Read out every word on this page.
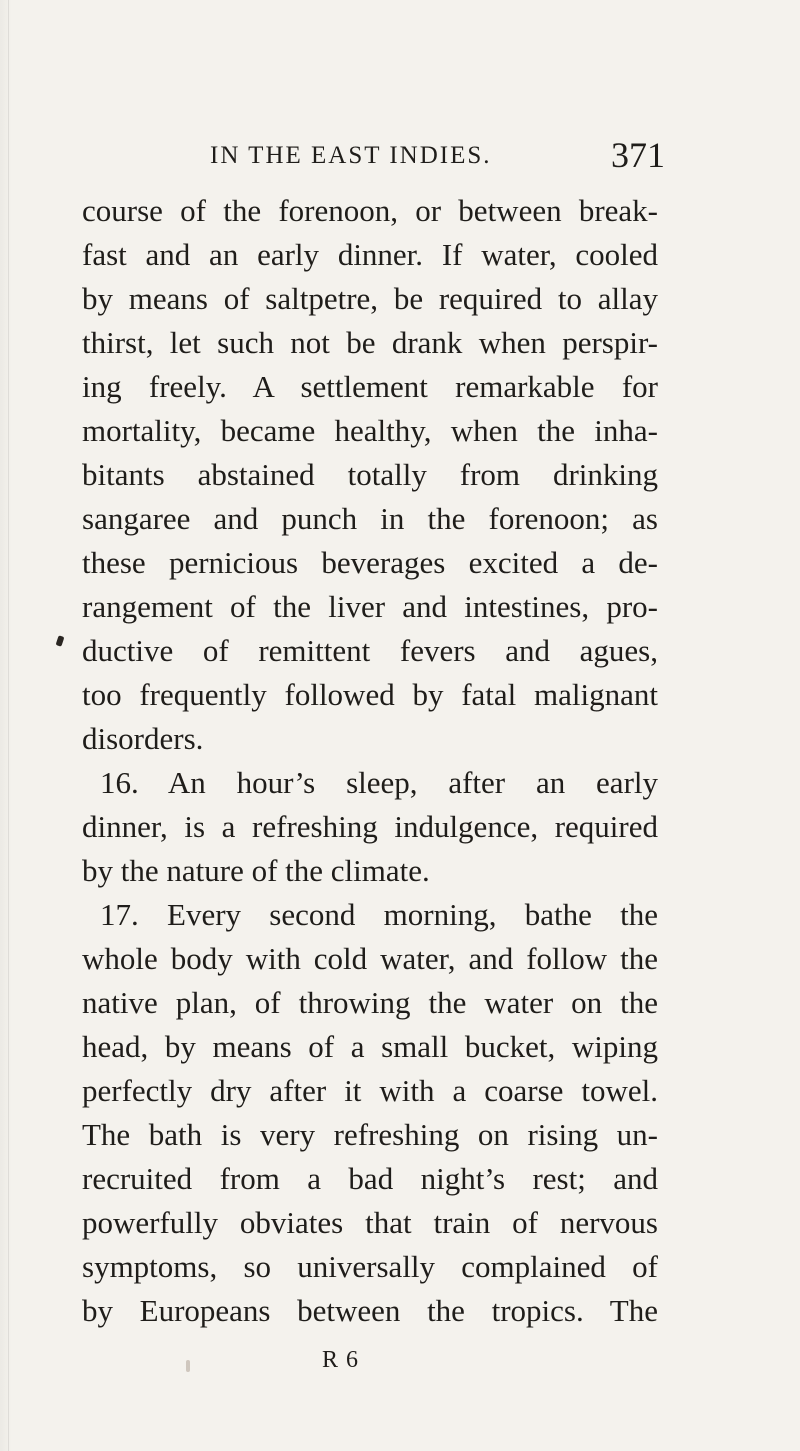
IN THE EAST INDIES.	371
course of the forenoon, or between break-
fast and an early dinner. If water, cooled
by means of saltpetre, be required to allay
thirst, let such not be drank when perspir-
ing freely. A settlement remarkable for
mortality, became healthy, when the inha-
bitants abstained totally from drinking
sangaree and punch in the forenoon; as
these pernicious beverages excited a de-
rangement of the liver and intestines, pro-
ductive of remittent fevers and agues,
too frequently followed by fatal malignant
disorders.
16. An hour’s sleep, after an early
dinner, is a refreshing indulgence, required
by the nature of the climate.
17. Every second morning, bathe the
whole body with cold water, and follow the
native plan, of throwing the water on the
head, by means of a small bucket, wiping
perfectly dry after it with a coarse towel.
The bath is very refreshing on rising un-
recruited from a bad night’s rest; and
powerfully obviates that train of nervous
symptoms, so universally complained of
by Europeans between the tropics. The
R 6
